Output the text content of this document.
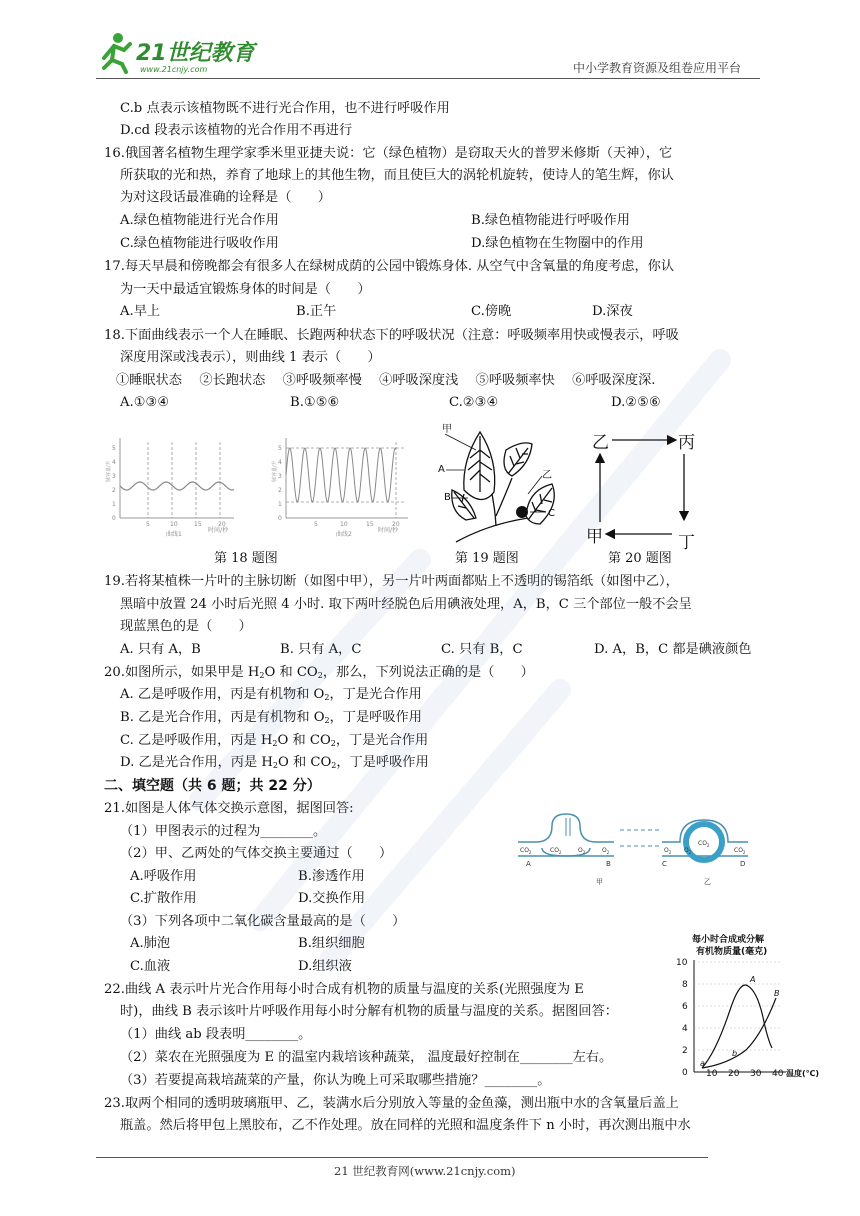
21世纪教育
www.21cnjy.com	中小学教育资源及组卷应用平台
C.b 点表示该植物既不进行光合作用，也不进行呼吸作用
D.cd 段表示该植物的光合作用不再进行
16.俄国著名植物生理学家季米里亚捷夫说：它（绿色植物）是窃取天火的普罗米修斯（天神），它
所获取的光和热，养育了地球上的其他生物，而且使巨大的涡轮机旋转，使诗人的笔生辉，你认
为对这段话最准确的诠释是（　　）
A.绿色植物能进行光合作用	B.绿色植物能进行呼吸作用
C.绿色植物能进行吸收作用	D.绿色植物在生物圈中的作用
17.每天早晨和傍晚都会有很多人在绿树成荫的公园中锻炼身体. 从空气中含氧量的角度考虑，你认
为一天中最适宜锻炼身体的时间是（　　）
A.早上	B.正午	C.傍晚	D.深夜
18.下面曲线表示一个人在睡眠、长跑两种状态下的呼吸状况（注意：呼吸频率用快或慢表示，呼吸
深度用深或浅表示），则曲线 1 表示（　　）
①睡眠状态　 ②长跑状态　 ③呼吸频率慢　 ④呼吸深度浅　 ⑤呼吸频率快　 ⑥呼吸深度深.
A.①③④	B.①⑤⑥	C.②③④	D.②⑤⑥
肺容量/升
0
1
2
3
4
5
5	10	15	20
时间/秒
曲线1
肺容量/升
0
1
2
3
4
5
5	10	15	20
时间/秒
曲线2
甲
乙
A
B
C
乙	丙
丁
甲
第 18 题图	第 19 题图	第 20 题图
19.若将某植株一片叶的主脉切断（如图中甲），另一片叶两面都贴上不透明的锡箔纸（如图中乙），
黑暗中放置 24 小时后光照 4 小时. 取下两叶经脱色后用碘液处理，A，B，C 三个部位一般不会呈
现蓝黑色的是（　　）
A. 只有 A，B	B. 只有 A，C	C. 只有 B，C	D. A，B，C 都是碘液颜色
20.如图所示，如果甲是 $H_2O$ 和 $CO_2$，那么，下列说法正确的是（　　）
A. 乙是呼吸作用，丙是有机物和 $O_2$，丁是光合作用
B. 乙是光合作用，丙是有机物和 $O_2$，丁是呼吸作用
C. 乙是呼吸作用，丙是 $H_2O$ 和 $CO_2$，丁是光合作用
D. 乙是光合作用，丙是 $H_2O$ 和 $CO_2$，丁是呼吸作用
二、填空题（共 6 题；共 22 分）
21.如图是人体气体交换示意图，据图回答:
（1）甲图表示的过程为________。
（2）甲、乙两处的气体交换主要通过（　　）
A.呼吸作用	B.渗透作用
C.扩散作用	D.交换作用
（3）下列各项中二氧化碳含量最高的是（　　）
A.肺泡	B.组织细胞
C.血液	D.组织液
$CO_2$	$CO_2$	$O_2$	$O_2$	$O_2$ $O_2$
$CO_2$
$CO_2$
A	B	C	D
甲	乙
每小时合成或分解
有机物质量(毫克)
0
2
4
6
8
10
10 20 30 40 温度(℃)
A
B
a
b
22.曲线 A 表示叶片光合作用每小时合成有机物的质量与温度的关系(光照强度为 E
时)，曲线 B 表示该叶片呼吸作用每小时分解有机物的质量与温度的关系。据图回答：
（1）曲线 ab 段表明________。
（2）菜农在光照强度为 E 的温室内栽培该种蔬菜， 温度最好控制在________左右。
（3）若要提高栽培蔬菜的产量，你认为晚上可采取哪些措施？________。
23.取两个相同的透明玻璃瓶甲、乙，装满水后分别放入等量的金鱼藻，测出瓶中水的含氧量后盖上
瓶盖。然后将甲包上黑胶布，乙不作处理。放在同样的光照和温度条件下 n 小时，再次测出瓶中水
21 世纪教育网(www.21cnjy.com)
